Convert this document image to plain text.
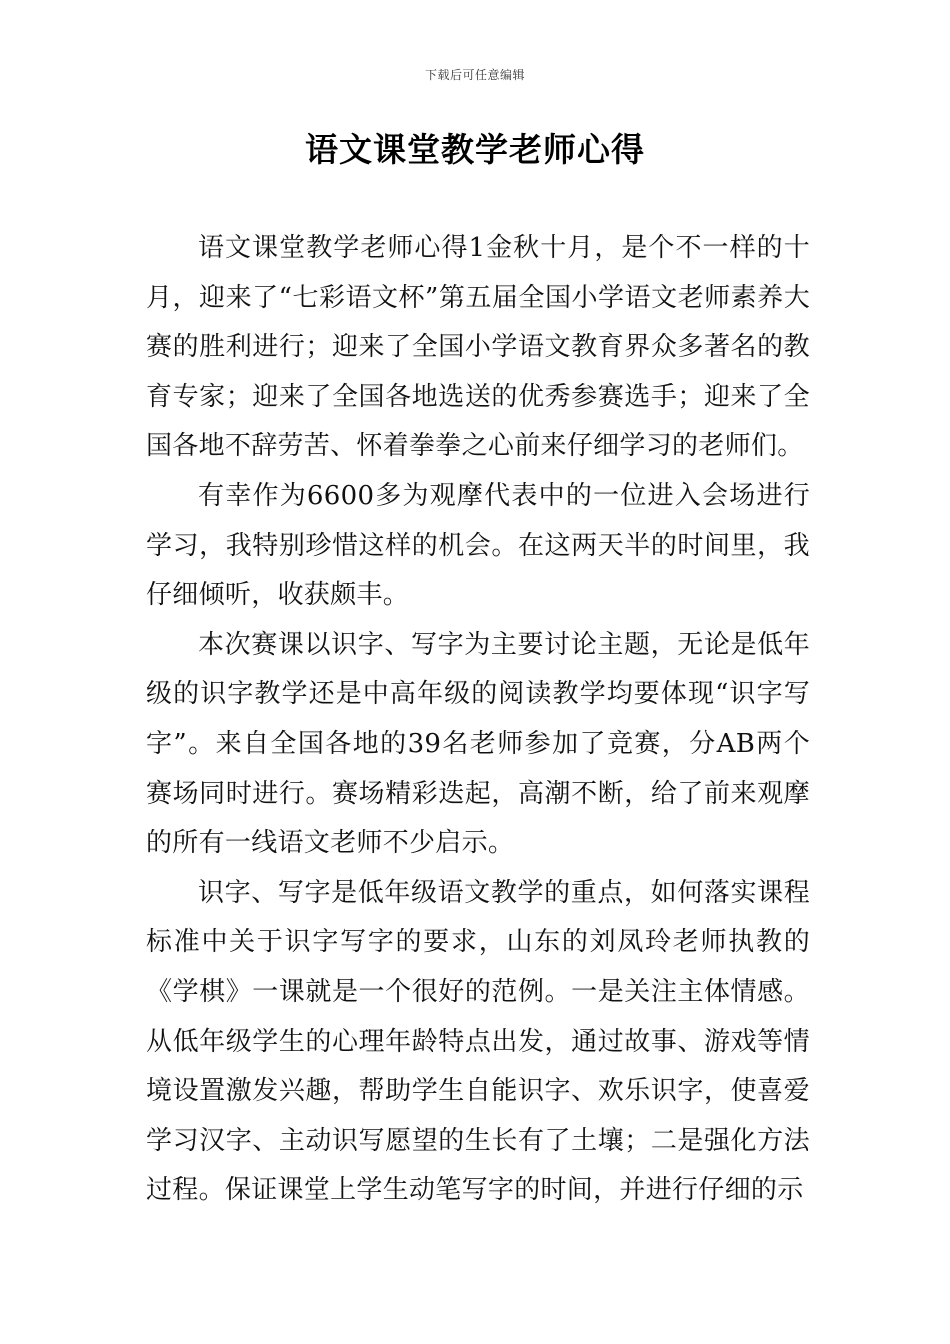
下载后可任意编辑
语文课堂教学老师心得

语文课堂教学老师心得1金秋十月，是个不一样的十月，迎来了“七彩语文杯”第五届全国小学语文老师素养大赛的胜利进行；迎来了全国小学语文教育界众多著名的教育专家；迎来了全国各地选送的优秀参赛选手；迎来了全国各地不辞劳苦、怀着拳拳之心前来仔细学习的老师们。

有幸作为6600多为观摩代表中的一位进入会场进行学习，我特别珍惜这样的机会。在这两天半的时间里，我仔细倾听，收获颇丰。

本次赛课以识字、写字为主要讨论主题，无论是低年级的识字教学还是中高年级的阅读教学均要体现“识字写字”。来自全国各地的39名老师参加了竞赛，分AB两个赛场同时进行。赛场精彩迭起，高潮不断，给了前来观摩的所有一线语文老师不少启示。

识字、写字是低年级语文教学的重点，如何落实课程标准中关于识字写字的要求，山东的刘凤玲老师执教的《学棋》一课就是一个很好的范例。一是关注主体情感。从低年级学生的心理年龄特点出发，通过故事、游戏等情境设置激发兴趣，帮助学生自能识字、欢乐识字，使喜爱学习汉字、主动识写愿望的生长有了土壤；二是强化方法过程。保证课堂上学生动笔写字的时间，并进行仔细的示
